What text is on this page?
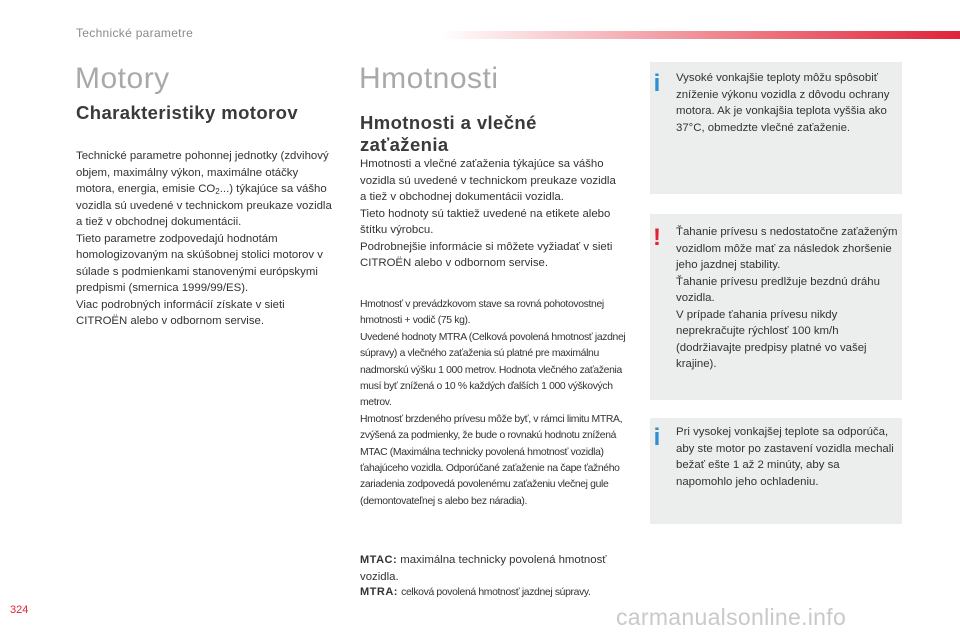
Technické parametre
Motory
Charakteristiky motorov

Technické parametre pohonnej jednotky (zdvihový objem, maximálny výkon, maximálne otáčky motora, energia, emisie $CO_2$...) týkajúce sa vášho vozidla sú uvedené v technickom preukaze vozidla a tiež v obchodnej dokumentácii.

Tieto parametre zodpovedajú hodnotám homologizovaným na skúšobnej stolici motorov v súlade s podmienkami stanovenými európskymi predpismi (smernica 1999/99/ES).

Viac podrobných informácií získate v sieti CITROËN alebo v odbornom servise.

Hmotnosti
Hmotnosti a vlečné zaťaženia

Hmotnosti a vlečné zaťaženia týkajúce sa vášho vozidla sú uvedené v technickom preukaze vozidla a tiež v obchodnej dokumentácii vozidla.

Tieto hodnoty sú taktiež uvedené na etikete alebo štítku výrobcu.

Podrobnejšie informácie si môžete vyžiadať v sieti CITROËN alebo v odbornom servise.

Hmotnosť v prevádzkovom stave sa rovná pohotovostnej hmotnosti + vodič (75 kg).
Uvedené hodnoty MTRA (Celková povolená hmotnosť jazdnej súpravy) a vlečného zaťaženia sú platné pre maximálnu nadmorskú výšku 1 000 metrov. Hodnota vlečného zaťaženia musí byť znížená o 10 % každých ďalších 1 000 výškových metrov.
Hmotnosť brzdeného prívesu môže byť, v rámci limitu MTRA, zvýšená za podmienky, že bude o rovnakú hodnotu znížená MTAC (Maximálna technicky povolená hmotnosť vozidla) ťahajúceho vozidla. Odporúčané zaťaženie na čape ťažného zariadenia zodpovedá povolenému zaťaženiu vlečnej gule (demontovateľnej s alebo bez náradia).
MTAC: maximálna technicky povolená hmotnosť vozidla.
MTRA: celková povolená hmotnosť jazdnej súpravy.
i Vysoké vonkajšie teploty môžu spôsobiť zníženie výkonu vozidla z dôvodu ochrany motora. Ak je vonkajšia teplota vyššia ako 37°C, obmedzte vlečné zaťaženie.
! Ťahanie prívesu s nedostatočne zaťaženým vozidlom môže mať za následok zhoršenie jeho jazdnej stability.

Ťahanie prívesu predlžuje bezdnú dráhu vozidla.

V prípade ťahania prívesu nikdy neprekračujte rýchlosť 100 km/h (dodržiavajte predpisy platné vo vašej krajine).

i Pri vysokej vonkajšej teplote sa odporúča, aby ste motor po zastavení vozidla mechali bežať ešte 1 až 2 minúty, aby sa napomohlo jeho ochladeniu.
324	carmanualsonline.info
